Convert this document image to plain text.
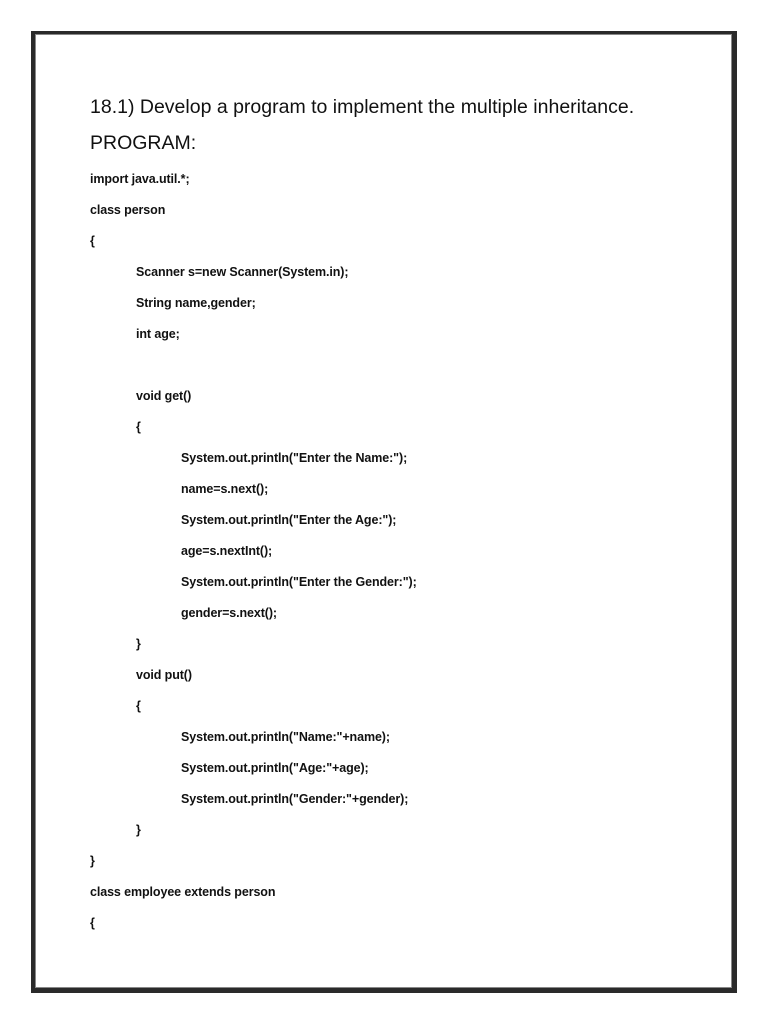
18.1) Develop a program to implement the multiple inheritance.
PROGRAM:
import java.util.*;
class person
{
Scanner s=new Scanner(System.in);
String name,gender;
int age;
void get()
{
System.out.println("Enter the Name:");
name=s.next();
System.out.println("Enter the Age:");
age=s.nextInt();
System.out.println("Enter the Gender:");
gender=s.next();
}
void put()
{
System.out.println("Name:"+name);
System.out.println("Age:"+age);
System.out.println("Gender:"+gender);
}
}
class employee extends person
{
